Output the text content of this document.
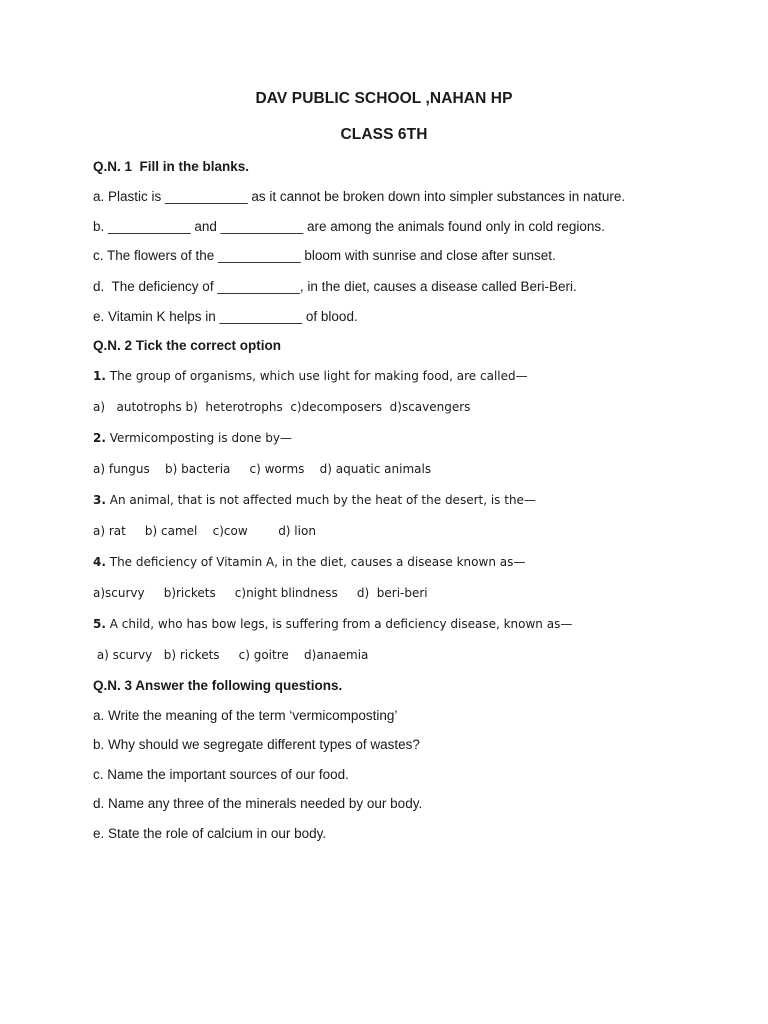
DAV PUBLIC SCHOOL ,NAHAN HP
CLASS 6TH
Q.N. 1  Fill in the blanks.
a. Plastic is ___________ as it cannot be broken down into simpler substances in nature.
b. ___________ and ___________ are among the animals found only in cold regions.
c. The flowers of the ___________ bloom with sunrise and close after sunset.
d.  The deficiency of ___________, in the diet, causes a disease called Beri-Beri.
e. Vitamin K helps in ___________ of blood.
Q.N. 2 Tick the correct option
1. The group of organisms, which use light for making food, are called—
a)   autotrophs b)  heterotrophs  c)decomposers  d)scavengers
2. Vermicomposting is done by—
a) fungus    b) bacteria     c) worms    d) aquatic animals
3. An animal, that is not affected much by the heat of the desert, is the—
a) rat     b) camel    c)cow        d) lion
4. The deficiency of Vitamin A, in the diet, causes a disease known as—
a)scurvy     b)rickets     c)night blindness     d)  beri-beri
5. A child, who has bow legs, is suffering from a deficiency disease, known as—
a) scurvy   b) rickets     c) goitre    d)anaemia
Q.N. 3 Answer the following questions.
a. Write the meaning of the term ‘vermicomposting’
b. Why should we segregate different types of wastes?
c. Name the important sources of our food.
d. Name any three of the minerals needed by our body.
e. State the role of calcium in our body.
